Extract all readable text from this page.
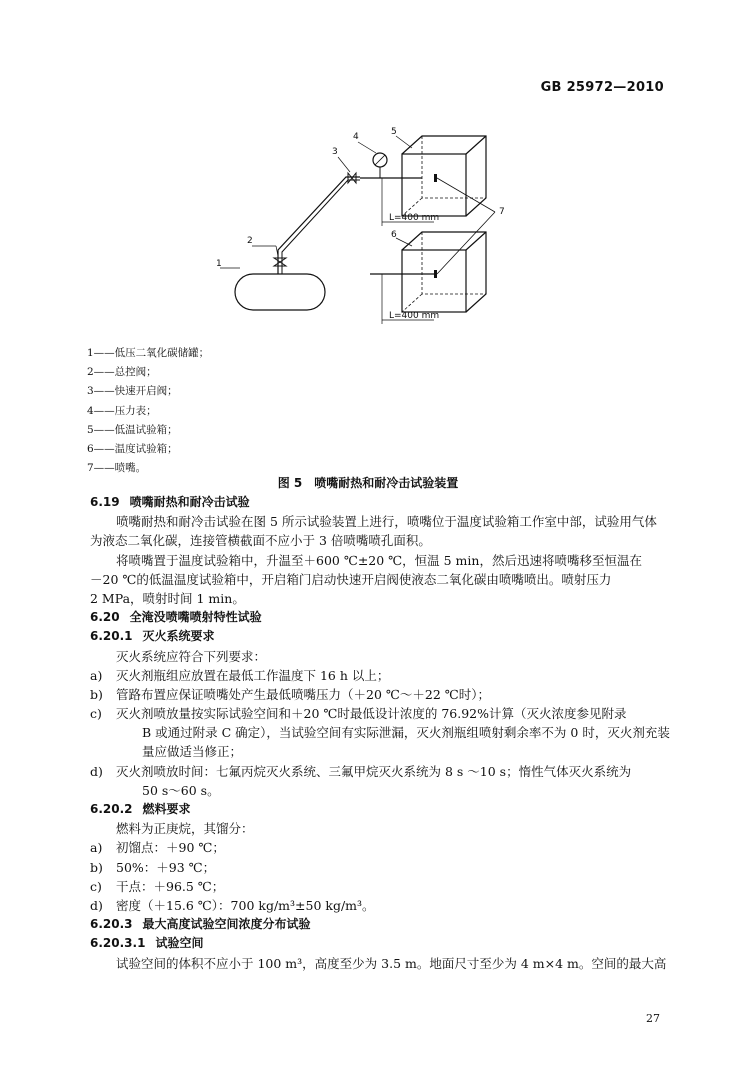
GB 25972—2010
L=400 mm
L=400 mm
1
2
3
4	5
6
7
1——低压二氧化碳储罐；
2——总控阀；
3——快速开启阀；
4——压力表；
5——低温试验箱；
6——温度试验箱；
7——喷嘴。
图 5　喷嘴耐热和耐冷击试验装置
6.19 喷嘴耐热和耐冷击试验
喷嘴耐热和耐冷击试验在图 5 所示试验装置上进行，喷嘴位于温度试验箱工作室中部，试验用气体
为液态二氧化碳，连接管横截面不应小于 3 倍喷嘴喷孔面积。
将喷嘴置于温度试验箱中，升温至＋600 ℃±20 ℃，恒温 5 min，然后迅速将喷嘴移至恒温在
－20 ℃的低温温度试验箱中，开启箱门启动快速开启阀使液态二氧化碳由喷嘴喷出。喷射压力
2 MPa，喷射时间 1 min。
6.20 全淹没喷嘴喷射特性试验
6.20.1 灭火系统要求
灭火系统应符合下列要求：
a) 灭火剂瓶组应放置在最低工作温度下 16 h 以上；
b) 管路布置应保证喷嘴处产生最低喷嘴压力（＋20 ℃～＋22 ℃时）；
c) 灭火剂喷放量按实际试验空间和＋20 ℃时最低设计浓度的 76.92%计算（灭火浓度参见附录
B 或通过附录 C 确定），当试验空间有实际泄漏，灭火剂瓶组喷射剩余率不为 0 时，灭火剂充装
量应做适当修正；
d) 灭火剂喷放时间：七氟丙烷灭火系统、三氟甲烷灭火系统为 8 s ～10 s；惰性气体灭火系统为
50 s～60 s。
6.20.2 燃料要求
燃料为正庚烷，其馏分：
a) 初馏点：＋90 ℃；
b) 50%：＋93 ℃；
c) 干点：＋96.5 ℃；
d) 密度（＋15.6 ℃）：700 kg/m³±50 kg/m³。
6.20.3 最大高度试验空间浓度分布试验
6.20.3.1 试验空间
试验空间的体积不应小于 100 m³，高度至少为 3.5 m。地面尺寸至少为 4 m×4 m。空间的最大高
27
